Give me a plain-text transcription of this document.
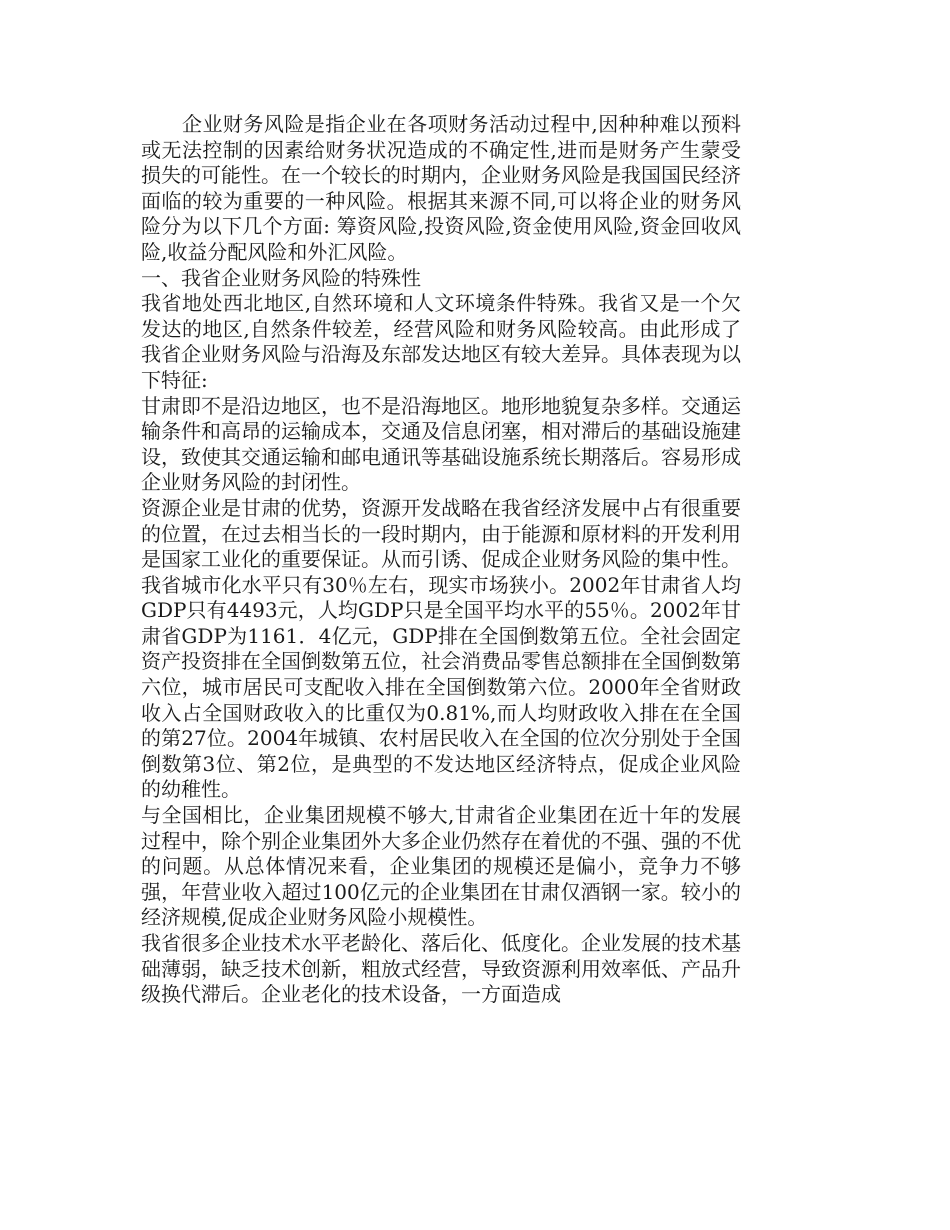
企业财务风险是指企业在各项财务活动过程中,因种种难以预料或无法控制的因素给财务状况造成的不确定性,进而是财务产生蒙受损失的可能性。在一个较长的时期内，企业财务风险是我国国民经济面临的较为重要的一种风险。根据其来源不同,可以将企业的财务风险分为以下几个方面: 筹资风险,投资风险,资金使用风险,资金回收风险,收益分配风险和外汇风险。

一、我省企业财务风险的特殊性

我省地处西北地区,自然环境和人文环境条件特殊。我省又是一个欠发达的地区,自然条件较差，经营风险和财务风险较高。由此形成了我省企业财务风险与沿海及东部发达地区有较大差异。具体表现为以下特征:

甘肃即不是沿边地区，也不是沿海地区。地形地貌复杂多样。交通运输条件和高昂的运输成本，交通及信息闭塞，相对滞后的基础设施建设，致使其交通运输和邮电通讯等基础设施系统长期落后。容易形成企业财务风险的封闭性。

资源企业是甘肃的优势，资源开发战略在我省经济发展中占有很重要的位置，在过去相当长的一段时期内，由于能源和原材料的开发利用是国家工业化的重要保证。从而引诱、促成企业财务风险的集中性。

我省城市化水平只有30％左右，现实市场狭小。2002年甘肃省人均GDP只有4493元，人均GDP只是全国平均水平的55％。2002年甘肃省GDP为1161．4亿元，GDP排在全国倒数第五位。全社会固定资产投资排在全国倒数第五位，社会消费品零售总额排在全国倒数第六位，城市居民可支配收入排在全国倒数第六位。2000年全省财政收入占全国财政收入的比重仅为0.81%,而人均财政收入排在在全国的第27位。2004年城镇、农村居民收入在全国的位次分别处于全国倒数第3位、第2位，是典型的不发达地区经济特点，促成企业风险的幼稚性。

与全国相比，企业集团规模不够大,甘肃省企业集团在近十年的发展过程中，除个别企业集团外大多企业仍然存在着优的不强、强的不优的问题。从总体情况来看，企业集团的规模还是偏小，竞争力不够强，年营业收入超过100亿元的企业集团在甘肃仅酒钢一家。较小的经济规模,促成企业财务风险小规模性。

我省很多企业技术水平老龄化、落后化、低度化。企业发展的技术基础薄弱，缺乏技术创新，粗放式经营，导致资源利用效率低、产品升级换代滞后。企业老化的技术设备，一方面造成
